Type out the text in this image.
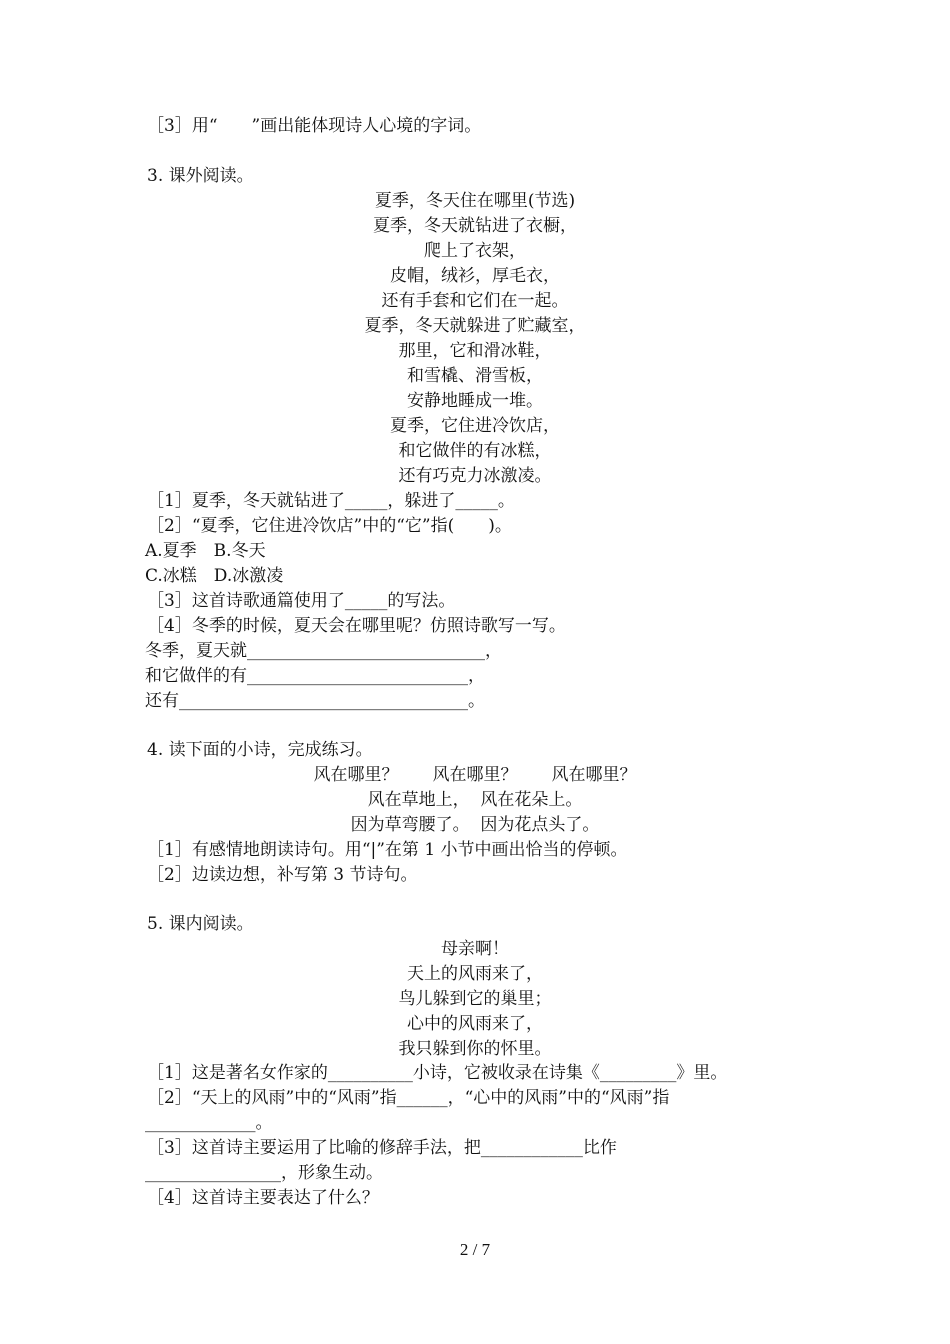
［3］用“　　”画出能体现诗人心境的字词。
3. 课外阅读。
夏季，冬天住在哪里(节选)
夏季，冬天就钻进了衣橱，
爬上了衣架，
皮帽，绒衫，厚毛衣，
还有手套和它们在一起。
夏季，冬天就躲进了贮藏室，
那里，它和滑冰鞋，
和雪橇、滑雪板，
安静地睡成一堆。
夏季，它住进冷饮店，
和它做伴的有冰糕，
还有巧克力冰激凌。
［1］夏季，冬天就钻进了_____，躲进了_____。
［2］“夏季，它住进冷饮店”中的“它”指(　　)。
A.夏季　B.冬天
C.冰糕　D.冰激凌
［3］这首诗歌通篇使用了_____的写法。
［4］冬季的时候，夏天会在哪里呢？仿照诗歌写一写。
冬季，夏天就____________________________，
和它做伴的有__________________________，
还有__________________________________。
4. 读下面的小诗，完成练习。
风在哪里？　　风在哪里？　　风在哪里？
风在草地上，  风在花朵上。
因为草弯腰了。  因为花点头了。
［1］有感情地朗读诗句。用“|”在第 1 小节中画出恰当的停顿。
［2］边读边想，补写第 3 节诗句。
5. 课内阅读。
母亲啊！
天上的风雨来了，
鸟儿躲到它的巢里；
心中的风雨来了，
我只躲到你的怀里。
［1］这是著名女作家的__________小诗，它被收录在诗集《_________》里。
［2］“天上的风雨”中的“风雨”指______，“心中的风雨”中的“风雨”指
_____________。
［3］这首诗主要运用了比喻的修辞手法，把____________比作
________________，形象生动。
［4］这首诗主要表达了什么？
2 / 7
